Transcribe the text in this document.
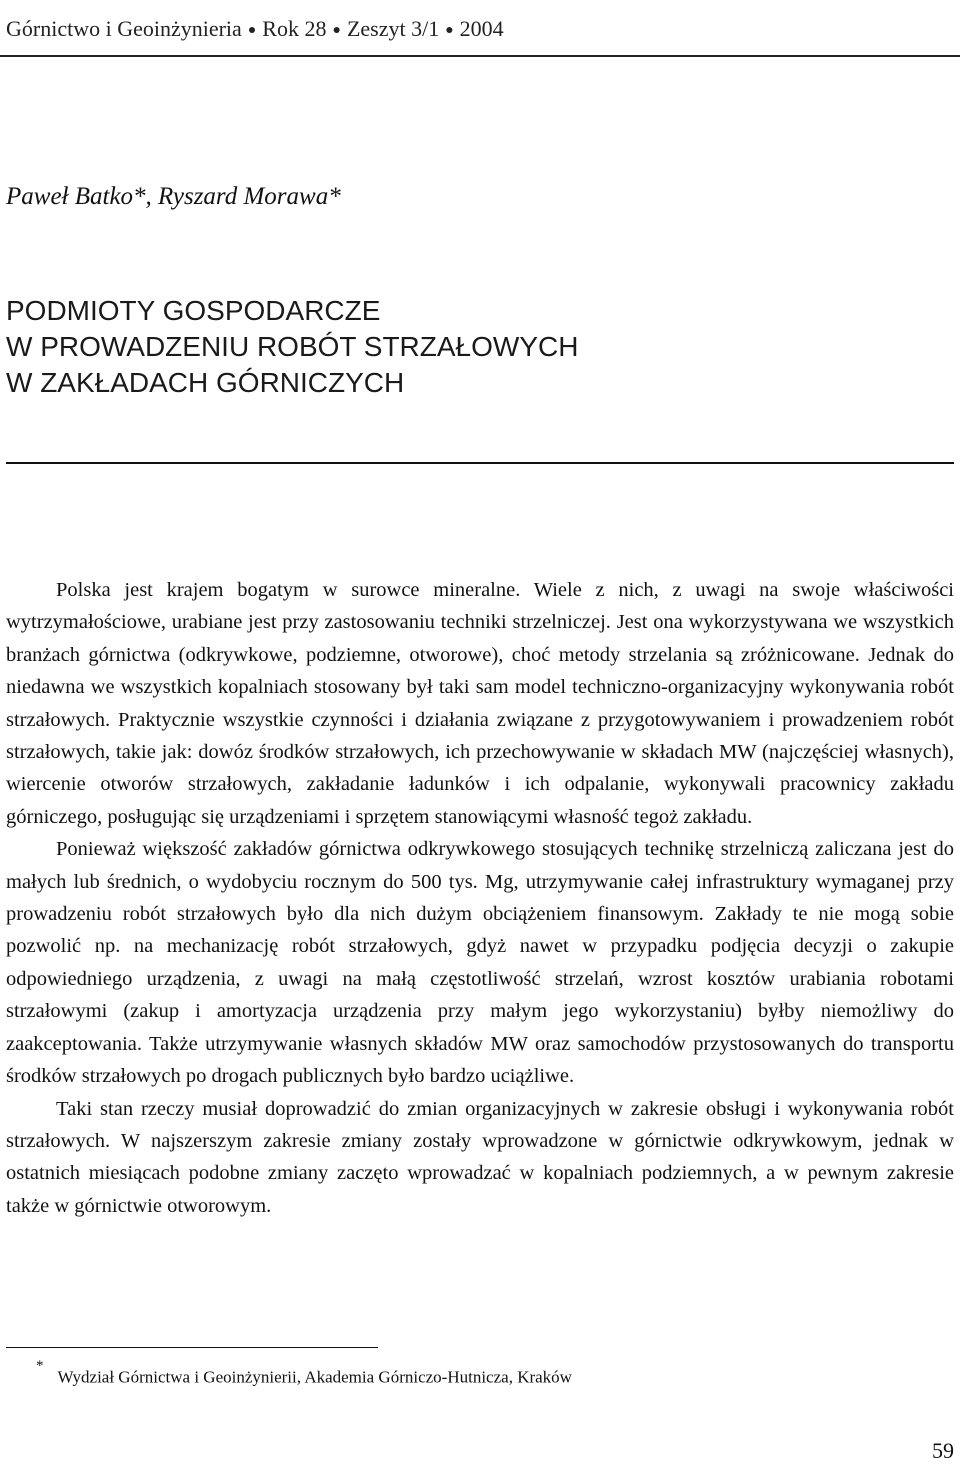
Górnictwo i Geoinżynieria ● Rok 28 ● Zeszyt 3/1 ● 2004
Paweł Batko*, Ryszard Morawa*
PODMIOTY GOSPODARCZE
W PROWADZENIU ROBÓT STRZAŁOWYCH
W ZAKŁADACH GÓRNICZYCH

Polska jest krajem bogatym w surowce mineralne. Wiele z nich, z uwagi na swoje właściwości wytrzymałościowe, urabiane jest przy zastosowaniu techniki strzelniczej. Jest ona wykorzystywana we wszystkich branżach górnictwa (odkrywkowe, podziemne, otworowe), choć metody strzelania są zróżnicowane. Jednak do niedawna we wszystkich kopalniach stosowany był taki sam model techniczno-organizacyjny wykonywania robót strzałowych. Praktycznie wszystkie czynności i działania związane z przygotowywaniem i prowadzeniem robót strzałowych, takie jak: dowóz środków strzałowych, ich przechowywanie w składach MW (najczęściej własnych), wiercenie otworów strzałowych, zakładanie ładunków i ich odpalanie, wykonywali pracownicy zakładu górniczego, posługując się urządzeniami i sprzętem stanowiącymi własność tegoż zakładu.

Ponieważ większość zakładów górnictwa odkrywkowego stosujących technikę strzelniczą zaliczana jest do małych lub średnich, o wydobyciu rocznym do 500 tys. Mg, utrzymywanie całej infrastruktury wymaganej przy prowadzeniu robót strzałowych było dla nich dużym obciążeniem finansowym. Zakłady te nie mogą sobie pozwolić np. na mechanizację robót strzałowych, gdyż nawet w przypadku podjęcia decyzji o zakupie odpowiedniego urządzenia, z uwagi na małą częstotliwość strzelań, wzrost kosztów urabiania robotami strzałowymi (zakup i amortyzacja urządzenia przy małym jego wykorzystaniu) byłby niemożliwy do zaakceptowania. Także utrzymywanie własnych składów MW oraz samochodów przystosowanych do transportu środków strzałowych po drogach publicznych było bardzo uciążliwe.

Taki stan rzeczy musiał doprowadzić do zmian organizacyjnych w zakresie obsługi i wykonywania robót strzałowych. W najszerszym zakresie zmiany zostały wprowadzone w górnictwie odkrywkowym, jednak w ostatnich miesiącach podobne zmiany zaczęto wprowadzać w kopalniach podziemnych, a w pewnym zakresie także w górnictwie otworowym.

*Wydział Górnictwa i Geoinżynierii, Akademia Górniczo-Hutnicza, Kraków
59
